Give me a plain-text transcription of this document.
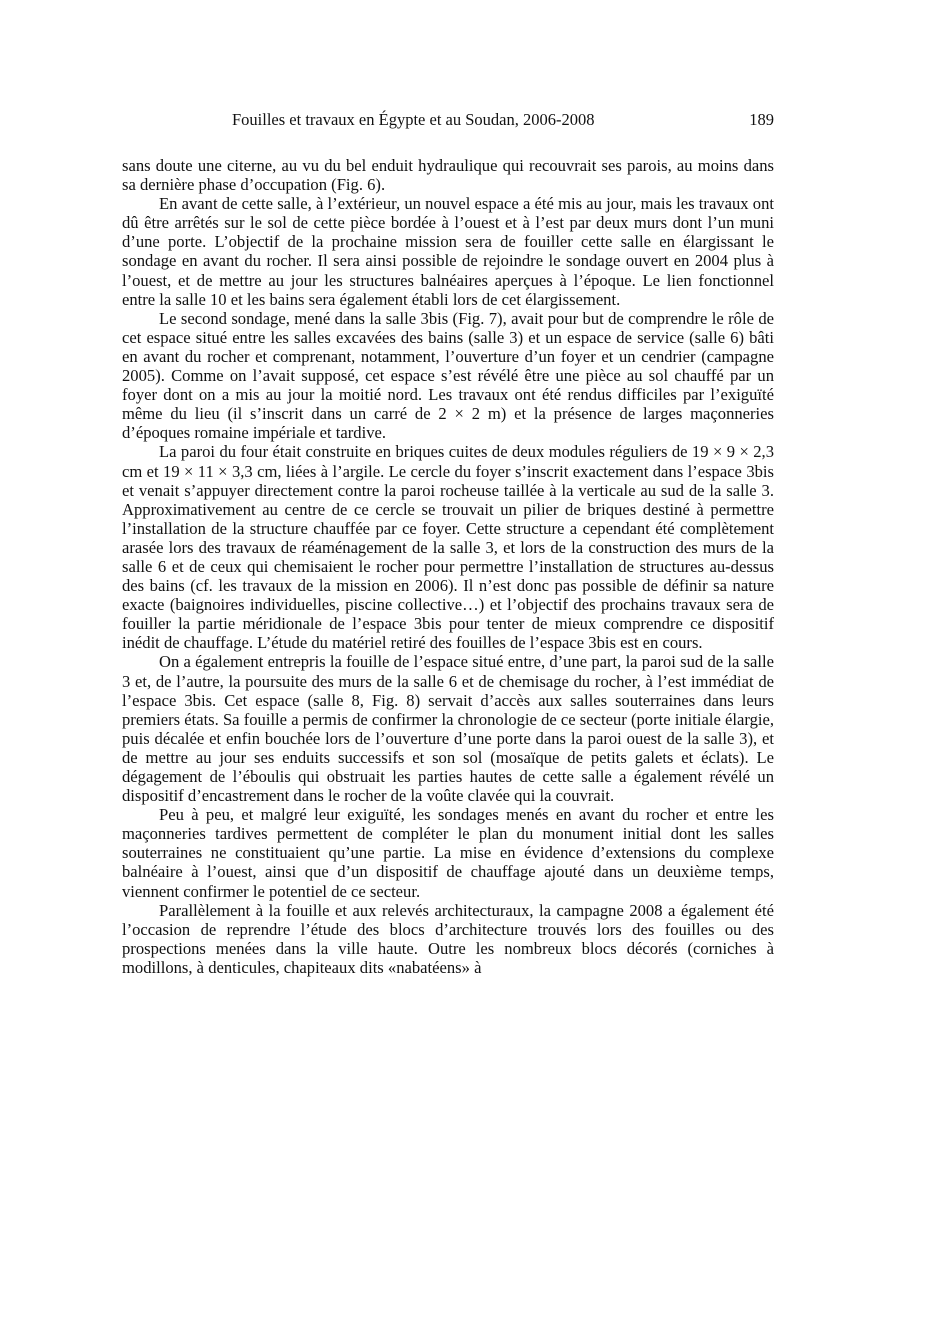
Fouilles et travaux en Égypte et au Soudan, 2006-2008	189

sans doute une citerne, au vu du bel enduit hydraulique qui recouvrait ses parois, au moins dans sa dernière phase d’occupation (Fig. 6).

En avant de cette salle, à l’extérieur, un nouvel espace a été mis au jour, mais les travaux ont dû être arrêtés sur le sol de cette pièce bordée à l’ouest et à l’est par deux murs dont l’un muni d’une porte. L’objectif de la prochaine mission sera de fouiller cette salle en élargissant le sondage en avant du rocher. Il sera ainsi possible de rejoindre le sondage ouvert en 2004 plus à l’ouest, et de mettre au jour les structures balnéaires aperçues à l’époque. Le lien fonctionnel entre la salle 10 et les bains sera également établi lors de cet élargissement.

Le second sondage, mené dans la salle 3bis (Fig. 7), avait pour but de comprendre le rôle de cet espace situé entre les salles excavées des bains (salle 3) et un espace de service (salle 6) bâti en avant du rocher et comprenant, notamment, l’ouverture d’un foyer et un cendrier (campagne 2005). Comme on l’avait supposé, cet espace s’est révélé être une pièce au sol chauffé par un foyer dont on a mis au jour la moitié nord. Les travaux ont été rendus difficiles par l’exiguïté même du lieu (il s’inscrit dans un carré de 2 × 2 m) et la présence de larges maçonneries d’époques romaine impériale et tardive.

La paroi du four était construite en briques cuites de deux modules réguliers de 19 × 9 × 2,3 cm et 19 × 11 × 3,3 cm, liées à l’argile. Le cercle du foyer s’inscrit exactement dans l’espace 3bis et venait s’appuyer directement contre la paroi rocheuse taillée à la verticale au sud de la salle 3. Approximativement au centre de ce cercle se trouvait un pilier de briques destiné à permettre l’installation de la structure chauffée par ce foyer. Cette structure a cependant été complètement arasée lors des travaux de réaménagement de la salle 3, et lors de la construction des murs de la salle 6 et de ceux qui chemisaient le rocher pour permettre l’installation de structures au-dessus des bains (cf. les travaux de la mission en 2006). Il n’est donc pas possible de définir sa nature exacte (baignoires individuelles, piscine collective…) et l’objectif des prochains travaux sera de fouiller la partie méridionale de l’espace 3bis pour tenter de mieux comprendre ce dispositif inédit de chauffage. L’étude du matériel retiré des fouilles de l’espace 3bis est en cours.

On a également entrepris la fouille de l’espace situé entre, d’une part, la paroi sud de la salle 3 et, de l’autre, la poursuite des murs de la salle 6 et de chemisage du rocher, à l’est immédiat de l’espace 3bis. Cet espace (salle 8, Fig. 8) servait d’accès aux salles souterraines dans leurs premiers états. Sa fouille a permis de confirmer la chronologie de ce secteur (porte initiale élargie, puis décalée et enfin bouchée lors de l’ouverture d’une porte dans la paroi ouest de la salle 3), et de mettre au jour ses enduits successifs et son sol (mosaïque de petits galets et éclats). Le dégagement de l’éboulis qui obstruait les parties hautes de cette salle a également révélé un dispositif d’encastrement dans le rocher de la voûte clavée qui la couvrait.

Peu à peu, et malgré leur exiguïté, les sondages menés en avant du rocher et entre les maçonneries tardives permettent de compléter le plan du monument initial dont les salles souterraines ne constituaient qu’une partie. La mise en évidence d’extensions du complexe balnéaire à l’ouest, ainsi que d’un dispositif de chauffage ajouté dans un deuxième temps, viennent confirmer le potentiel de ce secteur.

Parallèlement à la fouille et aux relevés architecturaux, la campagne 2008 a également été l’occasion de reprendre l’étude des blocs d’architecture trouvés lors des fouilles ou des prospections menées dans la ville haute. Outre les nombreux blocs décorés (corniches à modillons, à denticules, chapiteaux dits «nabatéens» à
